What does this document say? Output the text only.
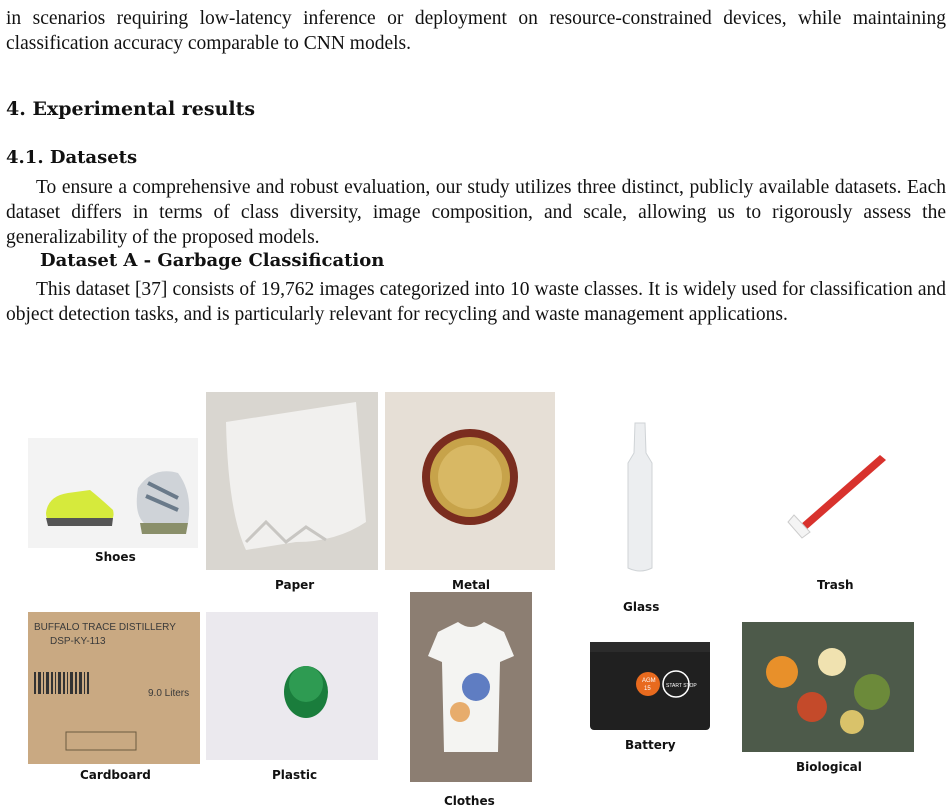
in scenarios requiring low-latency inference or deployment on resource-constrained devices, while maintaining classification accuracy comparable to CNN models.

4. Experimental results
4.1. Datasets

To ensure a comprehensive and robust evaluation, our study utilizes three distinct, publicly available datasets. Each dataset differs in terms of class diversity, image composition, and scale, allowing us to rigorously assess the generalizability of the proposed models.

Dataset A - Garbage Classification

This dataset [37] consists of 19,762 images categorized into 10 waste classes. It is widely used for classification and object detection tasks, and is particularly relevant for recycling and waste management applications.

Shoes
Paper	Metal
Glass
Trash
BUFFALO TRACE DISTILLERY
DSP-KY-113
9.0 Liters
Cardboard	Plastic
Clothes
AGM
15	START STOP
Battery
Biological
